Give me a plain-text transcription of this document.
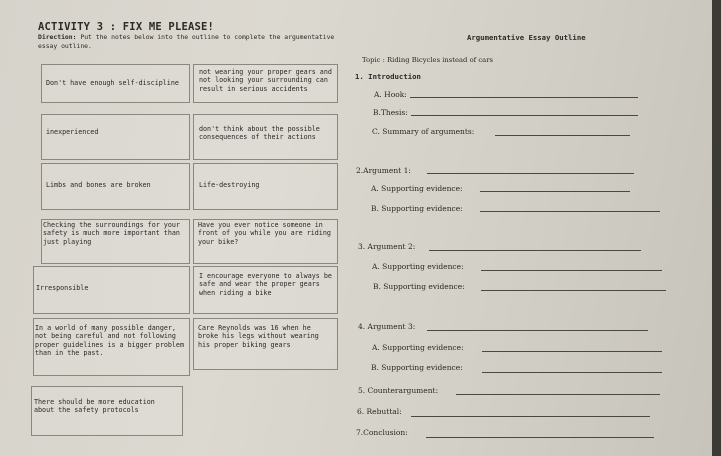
ACTIVITY 3 : FIX ME PLEASE!
Direction: Put the notes below into the outline to complete the argumentative essay outline.
Argumentative Essay Outline
Don't have enough self-discipline
inexperienced
Limbs and bones are broken
Checking the surroundings for your safety is much more important than just playing
Irresponsible
In a world of many possible danger, not being careful and not following proper guidelines is a bigger problem than in the past.
There should be more education about the safety protocols
not wearing your proper gears and not looking your surrounding can result in serious accidents
don't think about the possible consequences of their actions
Life-destroying
Have you ever notice someone in front of you while you are riding your bike?
I encourage everyone to always be safe and wear the proper gears when riding a bike
Care Reynolds was 16 when he broke his legs without wearing his proper biking gears
Topic : Riding Bicycles instead of cars
1. Introduction
A. Hook:
B.Thesis:
C. Summary of arguments:
2.Argument 1:
A. Supporting evidence:
B. Supporting evidence:
3. Argument 2:
A. Supporting evidence:
B. Supporting evidence:
4. Argument 3:
A. Supporting evidence:
B. Supporting evidence:
5. Counterargument:
6. Rebuttal:
7.Conclusion:
